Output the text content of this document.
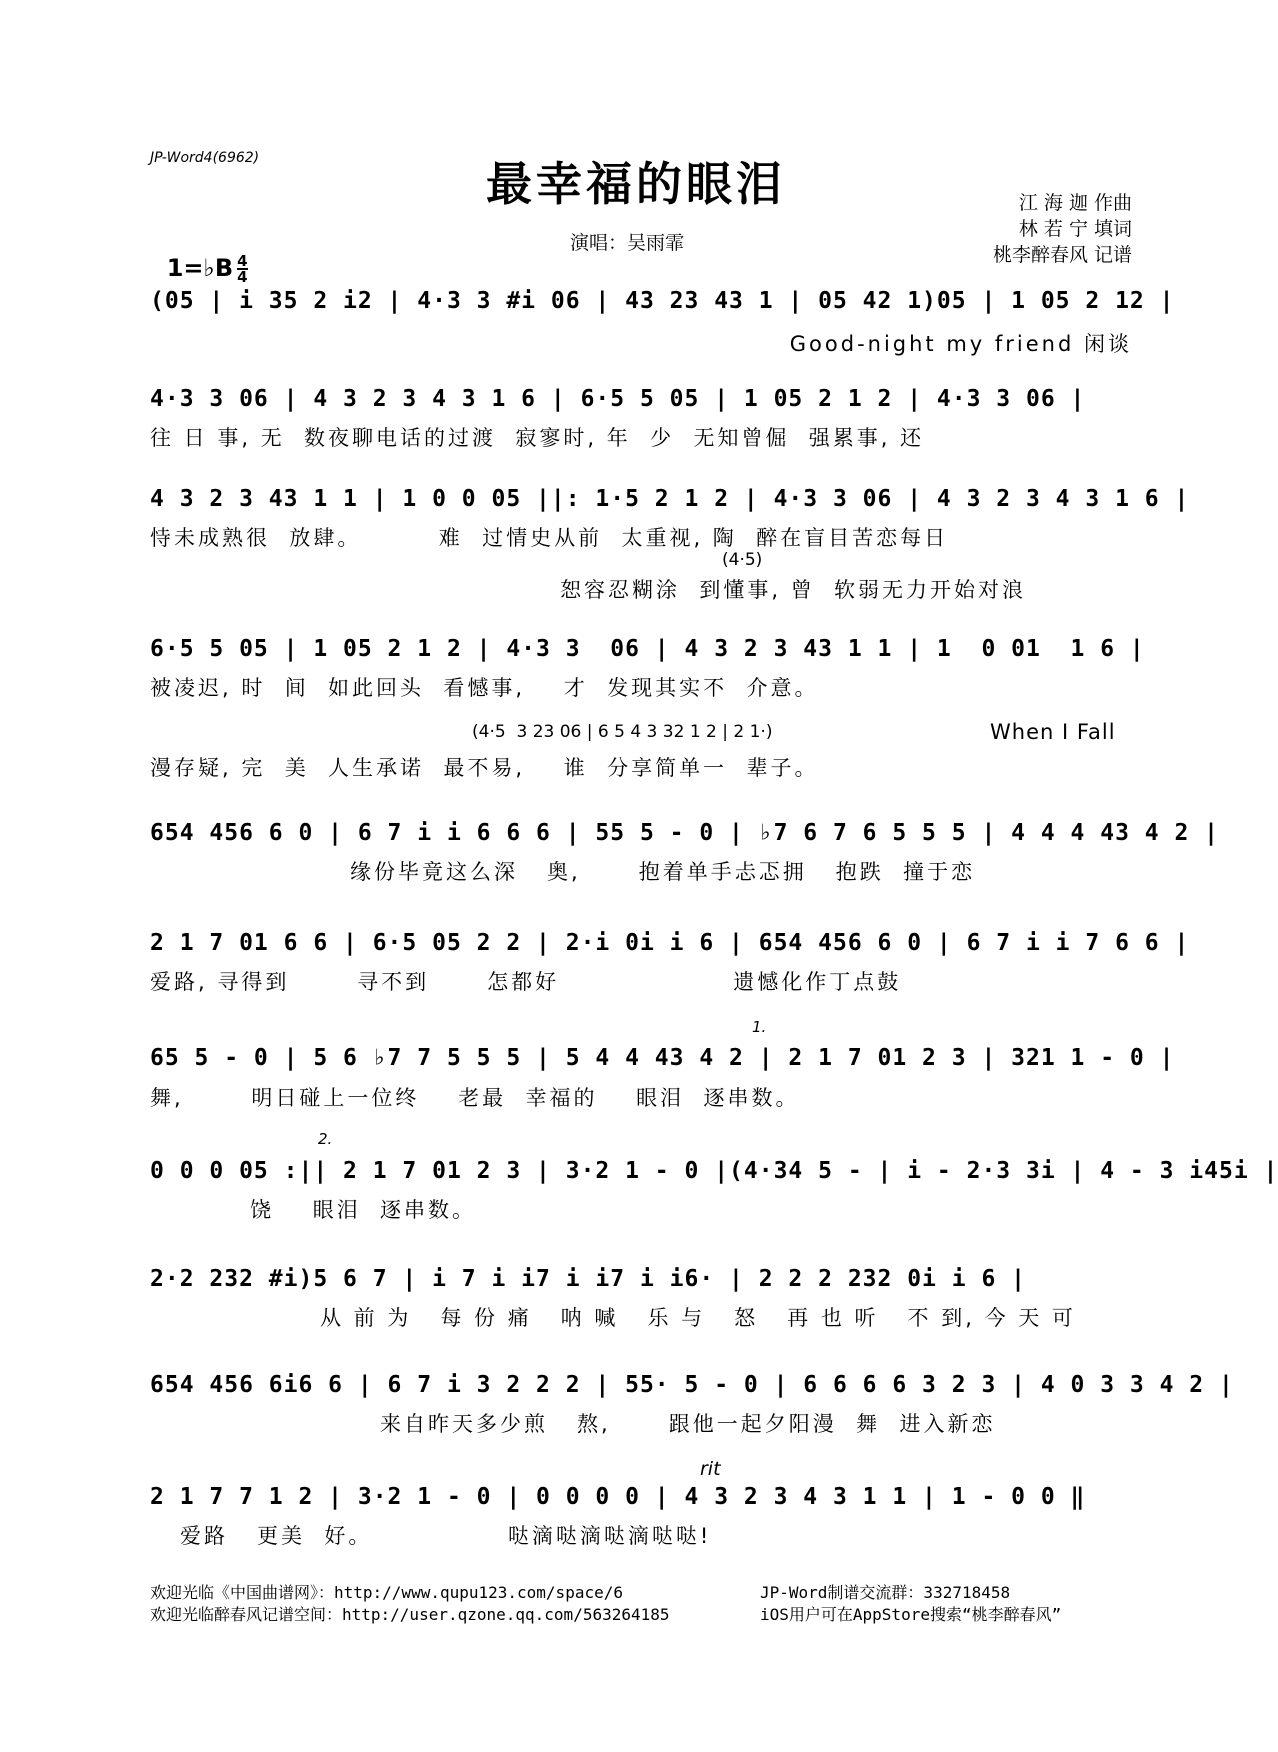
JP-Word4(6962)	最幸福的眼泪

1=♭B $\frac{4}{4}$

演唱：吴雨霏
江 海 迦 作曲
林 若 宁 填词
桃李醉春风 记谱
(05 | i 35 2 i2 | 4·3 3 #i 06 | 43 23 43 1 | 05 42 1)05 | 1 05 2 12 |
Good-night my friend 闲谈
4·3 3 06 | 4 3 2 3 4 3 1 6 | 6·5 5 05 | 1 05 2 1 2 | 4·3 3 06 |
往 日 事, 无  数夜聊电话的过渡  寂寥时, 年  少  无知曾倔  强累事, 还
4 3 2 3 43 1 1 | 1 0 0 05 ||: 1·5 2 1 2 | 4·3 3 06 | 4 3 2 3 4 3 1 6 |
恃未成熟很  放肆。        难  过情史从前  太重视, 陶  醉在盲目苦恋每日
(4·5)
恕容忍糊涂  到懂事, 曾  软弱无力开始对浪
6·5 5 05 | 1 05 2 1 2 | 4·3 3  06 | 4 3 2 3 43 1 1 | 1  0 01  1 6 |
被凌迟, 时  间  如此回头  看憾事,    才  发现其实不  介意。
(4·5  3 23 06 | 6 5 4 3 32 1 2 | 2 1·)	When I Fall
漫存疑, 完  美  人生承诺  最不易,    谁  分享简单一  辈子。
654 456 6 0 | 6 7 i i 6 6 6 | 55 5 - 0 | ♭7 6 7 6 5 5 5 | 4 4 4 43 4 2 |
缘份毕竟这么深   奥,      抱着单手忐忑拥   抱跌  撞于恋
2 1 7 01 6 6 | 6·5 05 2 2 | 2·i 0i i 6 | 654 456 6 0 | 6 7 i i 7 6 6 |
爱路, 寻得到       寻不到      怎都好                  遗憾化作丁点鼓
1.
65 5 - 0 | 5 6 ♭7 7 5 5 5 | 5 4 4 43 4 2 | 2 1 7 01 2 3 | 321 1 - 0 |
舞,       明日碰上一位终    老最  幸福的    眼泪  逐串数。
2.
0 0 0 05 :|| 2 1 7 01 2 3 | 3·2 1 - 0 |(4·34 5 - | i - 2·3 3i | 4 - 3 i45i |
饶    眼泪  逐串数。
2·2 232 #i)5 6 7 | i 7 i i7 i i7 i i6· | 2 2 2 232 0i i 6 |
从 前 为   每 份 痛   呐 喊   乐 与   怒   再 也 听   不 到, 今 天 可
654 456 6i6 6 | 6 7 i 3 2 2 2 | 55· 5 - 0 | 6 6 6 6 3 2 3 | 4 0 3 3 4 2 |
来自昨天多少煎   熬,      跟他一起夕阳漫  舞  进入新恋
rit
2 1 7 7 1 2 | 3·2 1 - 0 | 0 0 0 0 | 4 3 2 3 4 3 1 1 | 1 - 0 0 ‖
爱路   更美  好。              哒滴哒滴哒滴哒哒!
欢迎光临《中国曲谱网》：http://www.qupu123.com/space/6
欢迎光临醉春风记谱空间：http://user.qzone.qq.com/563264185
JP-Word制谱交流群：332718458
iOS用户可在AppStore搜索“桃李醉春风”
